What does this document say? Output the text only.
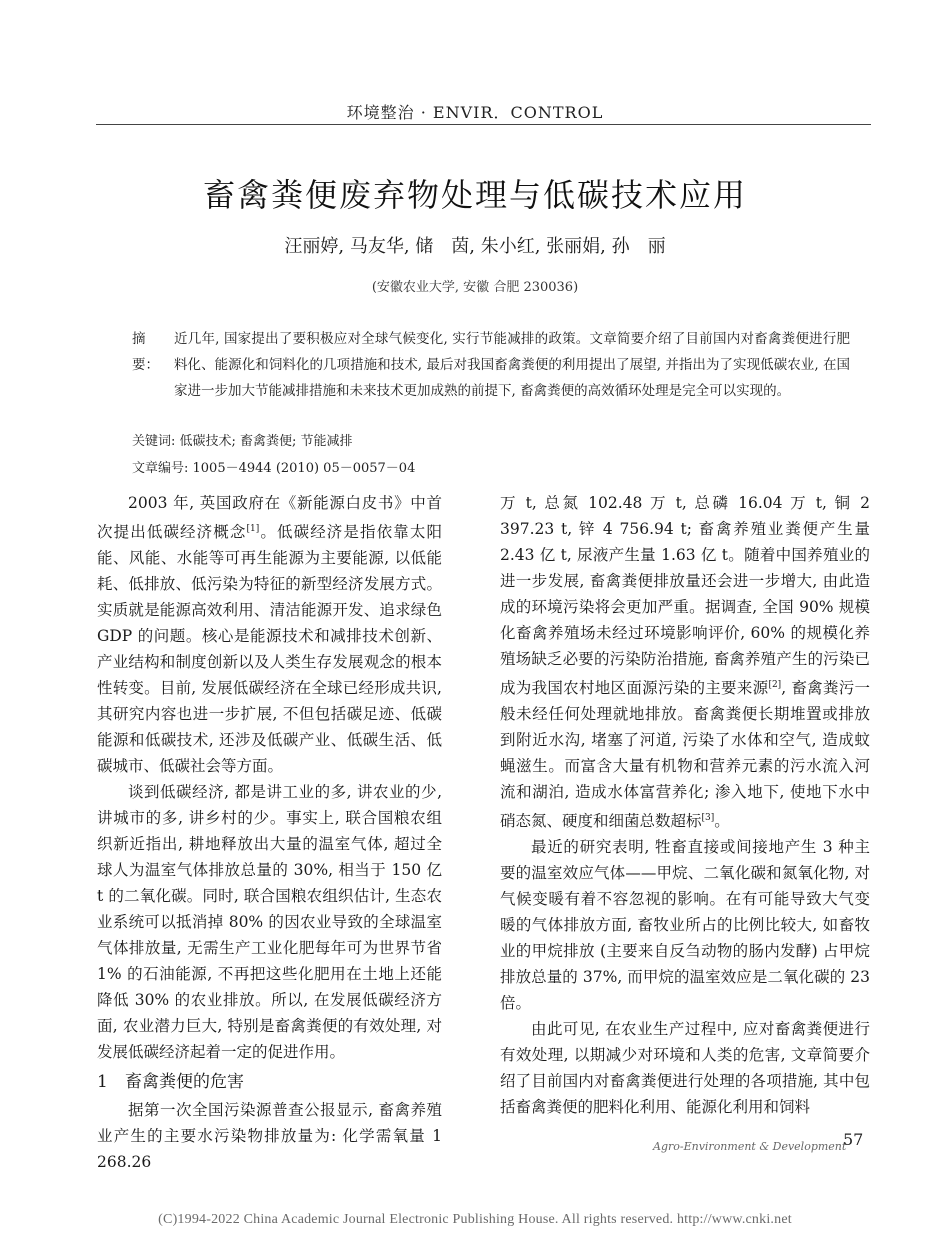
环境整治 · ENVIR．CONTROL
畜禽粪便废弃物处理与低碳技术应用
汪丽婷, 马友华, 储　茵, 朱小红, 张丽娟, 孙　丽
(安徽农业大学, 安徽 合肥 230036)
摘　要：
近几年, 国家提出了要积极应对全球气候变化, 实行节能减排的政策。文章简要介绍了目前国内对畜禽粪便进行肥料化、能源化和饲料化的几项措施和技术, 最后对我国畜禽粪便的利用提出了展望, 并指出为了实现低碳农业, 在国家进一步加大节能减排措施和未来技术更加成熟的前提下, 畜禽粪便的高效循环处理是完全可以实现的。
关键词: 低碳技术; 畜禽粪便; 节能减排
文章编号: 1005－4944 (2010) 05－0057－04

2003 年, 英国政府在《新能源白皮书》中首次提出低碳经济概念[1]。低碳经济是指依靠太阳能、风能、水能等可再生能源为主要能源, 以低能耗、低排放、低污染为特征的新型经济发展方式。实质就是能源高效利用、清洁能源开发、追求绿色 GDP 的问题。核心是能源技术和减排技术创新、产业结构和制度创新以及人类生存发展观念的根本性转变。目前, 发展低碳经济在全球已经形成共识, 其研究内容也进一步扩展, 不但包括碳足迹、低碳能源和低碳技术, 还涉及低碳产业、低碳生活、低碳城市、低碳社会等方面。

谈到低碳经济, 都是讲工业的多, 讲农业的少, 讲城市的多, 讲乡村的少。事实上, 联合国粮农组织新近指出, 耕地释放出大量的温室气体, 超过全球人为温室气体排放总量的 30%, 相当于 150 亿 t 的二氧化碳。同时, 联合国粮农组织估计, 生态农业系统可以抵消掉 80% 的因农业导致的全球温室气体排放量, 无需生产工业化肥每年可为世界节省 1% 的石油能源, 不再把这些化肥用在土地上还能降低 30% 的农业排放。所以, 在发展低碳经济方面, 农业潜力巨大, 特别是畜禽粪便的有效处理, 对发展低碳经济起着一定的促进作用。

1 畜禽粪便的危害

据第一次全国污染源普查公报显示, 畜禽养殖业产生的主要水污染物排放量为: 化学需氧量 1 268.26

万 t, 总氮 102.48 万 t, 总磷 16.04 万 t, 铜 2 397.23 t, 锌 4 756.94 t; 畜禽养殖业粪便产生量 2.43 亿 t, 尿液产生量 1.63 亿 t。随着中国养殖业的进一步发展, 畜禽粪便排放量还会进一步增大, 由此造成的环境污染将会更加严重。据调查, 全国 90% 规模化畜禽养殖场未经过环境影响评价, 60% 的规模化养殖场缺乏必要的污染防治措施, 畜禽养殖产生的污染已成为我国农村地区面源污染的主要来源[2], 畜禽粪污一般未经任何处理就地排放。畜禽粪便长期堆置或排放到附近水沟, 堵塞了河道, 污染了水体和空气, 造成蚊蝇滋生。而富含大量有机物和营养元素的污水流入河流和湖泊, 造成水体富营养化; 渗入地下, 使地下水中硝态氮、硬度和细菌总数超标[3]。

最近的研究表明, 牲畜直接或间接地产生 3 种主要的温室效应气体——甲烷、二氧化碳和氮氧化物, 对气候变暖有着不容忽视的影响。在有可能导致大气变暖的气体排放方面, 畜牧业所占的比例比较大, 如畜牧业的甲烷排放 (主要来自反刍动物的肠内发酵) 占甲烷排放总量的 37%, 而甲烷的温室效应是二氧化碳的 23 倍。

由此可见, 在农业生产过程中, 应对畜禽粪便进行有效处理, 以期减少对环境和人类的危害, 文章简要介绍了目前国内对畜禽粪便进行处理的各项措施, 其中包括畜禽粪便的肥料化利用、能源化利用和饲料

Agro-Environment & Development
57
(C)1994-2022 China Academic Journal Electronic Publishing House. All rights reserved. http://www.cnki.net
